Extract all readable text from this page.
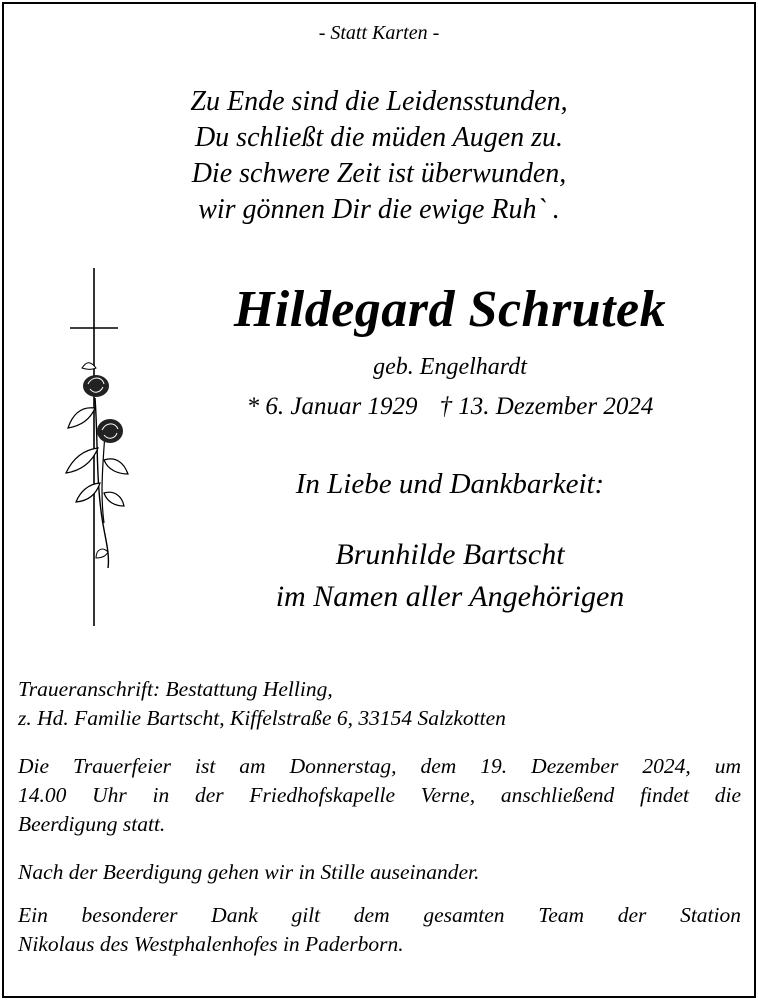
- Statt Karten -
Zu Ende sind die Leidensstunden,
Du schließt die müden Augen zu.
Die schwere Zeit ist überwunden,
wir gönnen Dir die ewige Ruh` .
Hildegard Schrutek
geb. Engelhardt
* 6. Januar 1929 † 13. Dezember 2024
In Liebe und Dankbarkeit:
Brunhilde Bartscht
im Namen aller Angehörigen
Traueranschrift: Bestattung Helling,
z. Hd. Familie Bartscht, Kiffelstraße 6, 33154 Salzkotten
Die Trauerfeier ist am Donnerstag, dem 19. Dezember 2024, um
14.00 Uhr in der Friedhofskapelle Verne, anschließend findet die
Beerdigung statt.
Nach der Beerdigung gehen wir in Stille auseinander.
Ein besonderer Dank gilt dem gesamten Team der Station
Nikolaus des Westphalenhofes in Paderborn.
